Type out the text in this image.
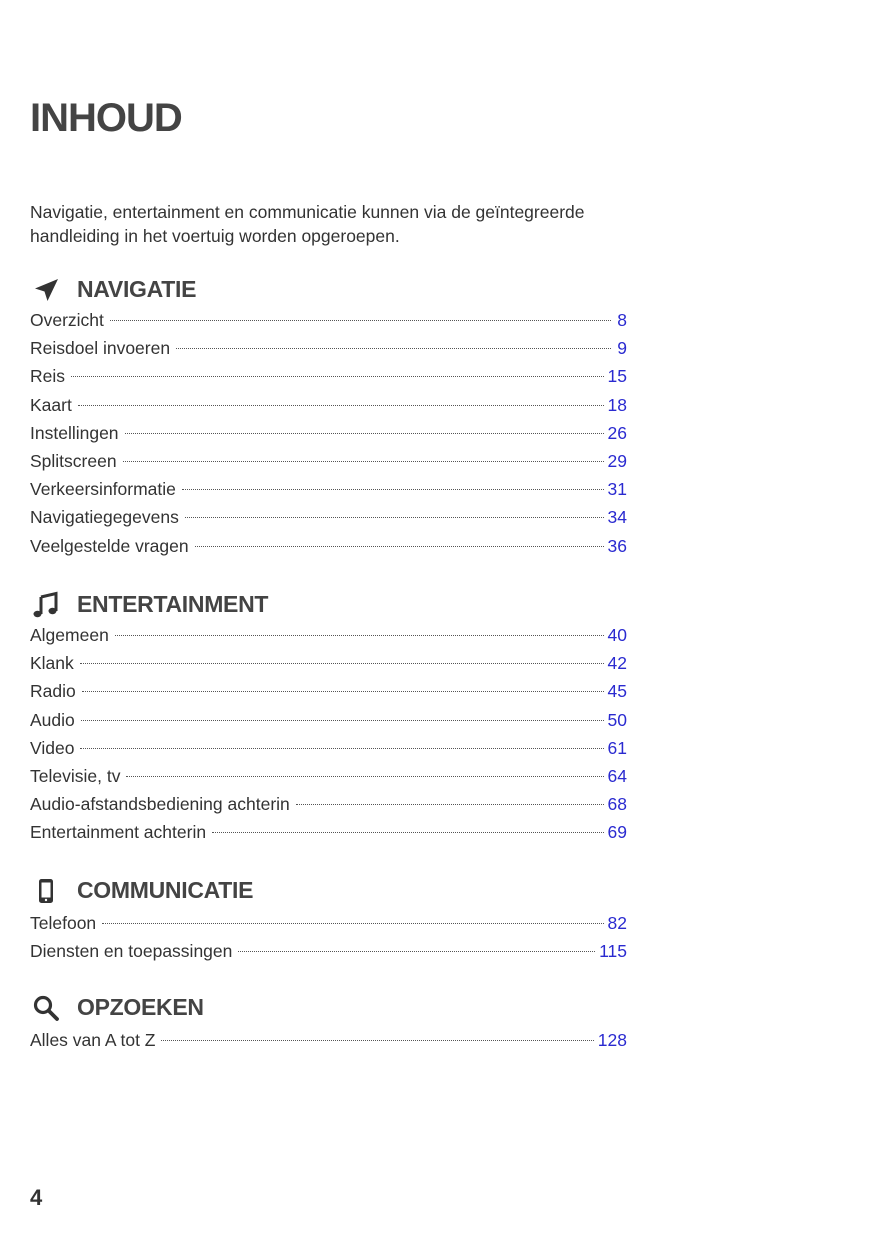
INHOUD
Navigatie, entertainment en communicatie kunnen via de geïntegreerde handleiding in het voertuig worden opgeroepen.
NAVIGATIE
Overzicht	8
Reisdoel invoeren	9
Reis	15
Kaart	18
Instellingen	26
Splitscreen	29
Verkeersinformatie	31
Navigatiegegevens	34
Veelgestelde vragen	36
ENTERTAINMENT
Algemeen	40
Klank	42
Radio	45
Audio	50
Video	61
Televisie, tv	64
Audio-afstandsbediening achterin	68
Entertainment achterin	69
COMMUNICATIE
Telefoon	82
Diensten en toepassingen	115
OPZOEKEN
Alles van A tot Z	128
4
